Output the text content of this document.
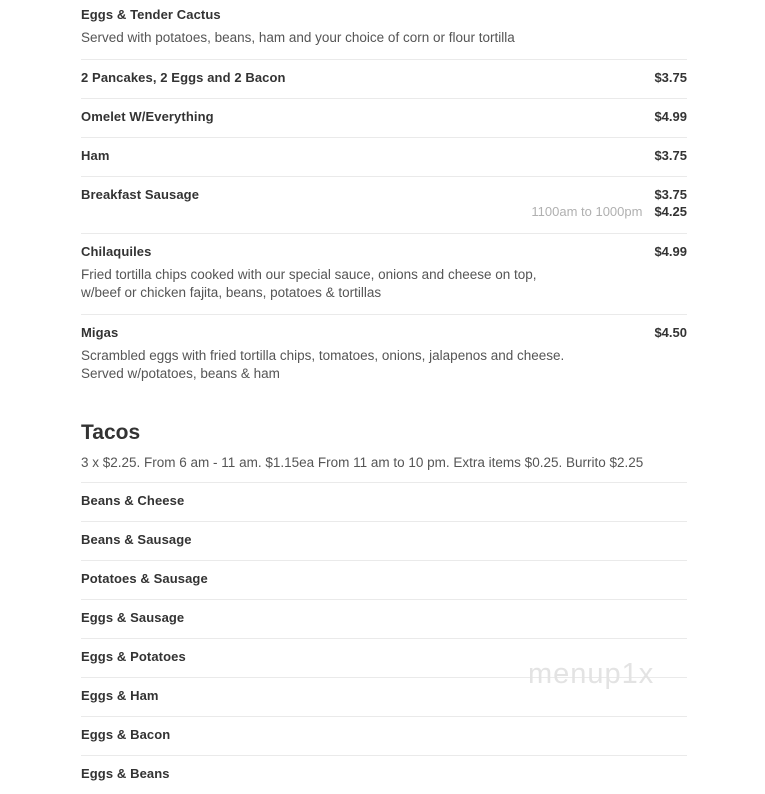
Eggs & Tender Cactus
Served with potatoes, beans, ham and your choice of corn or flour tortilla
2 Pancakes, 2 Eggs and 2 Bacon	$3.75
Omelet W/Everything	$4.99
Ham	$3.75
Breakfast Sausage	$3.75
1100am to 1000pm $4.25
Chilaquiles	$4.99
Fried tortilla chips cooked with our special sauce, onions and cheese on top,
w/beef or chicken fajita, beans, potatoes & tortillas
Migas	$4.50
Scrambled eggs with fried tortilla chips, tomatoes, onions, jalapenos and cheese.
Served w/potatoes, beans & ham
Tacos
3 x $2.25. From 6 am - 11 am. $1.15ea From 11 am to 10 pm. Extra items $0.25. Burrito $2.25
Beans & Cheese
Beans & Sausage
Potatoes & Sausage
Eggs & Sausage
Eggs & Potatoes
Eggs & Ham
Eggs & Bacon
Eggs & Beans
menup1x
